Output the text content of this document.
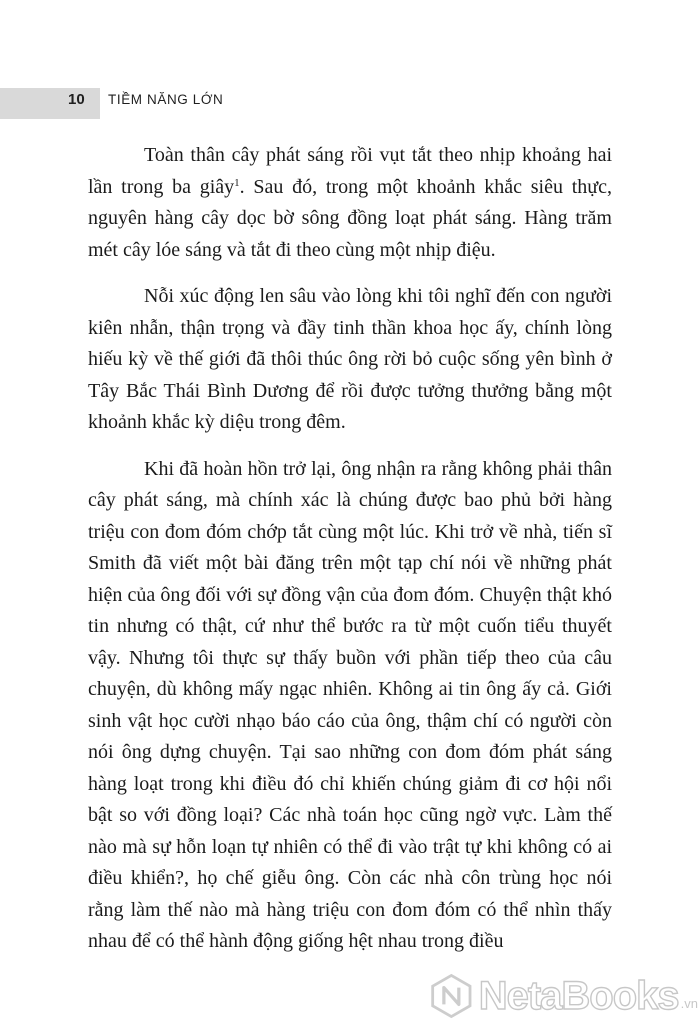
10	TIỀM NĂNG LỚN

Toàn thân cây phát sáng rồi vụt tắt theo nhịp khoảng hai lần trong ba giây$^1$. Sau đó, trong một khoảnh khắc siêu thực, nguyên hàng cây dọc bờ sông đồng loạt phát sáng. Hàng trăm mét cây lóe sáng và tắt đi theo cùng một nhịp điệu.

Nỗi xúc động len sâu vào lòng khi tôi nghĩ đến con người kiên nhẫn, thận trọng và đầy tinh thần khoa học ấy, chính lòng hiếu kỳ về thế giới đã thôi thúc ông rời bỏ cuộc sống yên bình ở Tây Bắc Thái Bình Dương để rồi được tưởng thưởng bằng một khoảnh khắc kỳ diệu trong đêm.

Khi đã hoàn hồn trở lại, ông nhận ra rằng không phải thân cây phát sáng, mà chính xác là chúng được bao phủ bởi hàng triệu con đom đóm chớp tắt cùng một lúc. Khi trở về nhà, tiến sĩ Smith đã viết một bài đăng trên một tạp chí nói về những phát hiện của ông đối với sự đồng vận của đom đóm. Chuyện thật khó tin nhưng có thật, cứ như thể bước ra từ một cuốn tiểu thuyết vậy. Nhưng tôi thực sự thấy buồn với phần tiếp theo của câu chuyện, dù không mấy ngạc nhiên. Không ai tin ông ấy cả. Giới sinh vật học cười nhạo báo cáo của ông, thậm chí có người còn nói ông dựng chuyện. Tại sao những con đom đóm phát sáng hàng loạt trong khi điều đó chỉ khiến chúng giảm đi cơ hội nổi bật so với đồng loại? Các nhà toán học cũng ngờ vực. Làm thế nào mà sự hỗn loạn tự nhiên có thể đi vào trật tự khi không có ai điều khiển?, họ chế giễu ông. Còn các nhà côn trùng học nói rằng làm thế nào mà hàng triệu con đom đóm có thể nhìn thấy nhau để có thể hành động giống hệt nhau trong điều

NetaBooks .vn
